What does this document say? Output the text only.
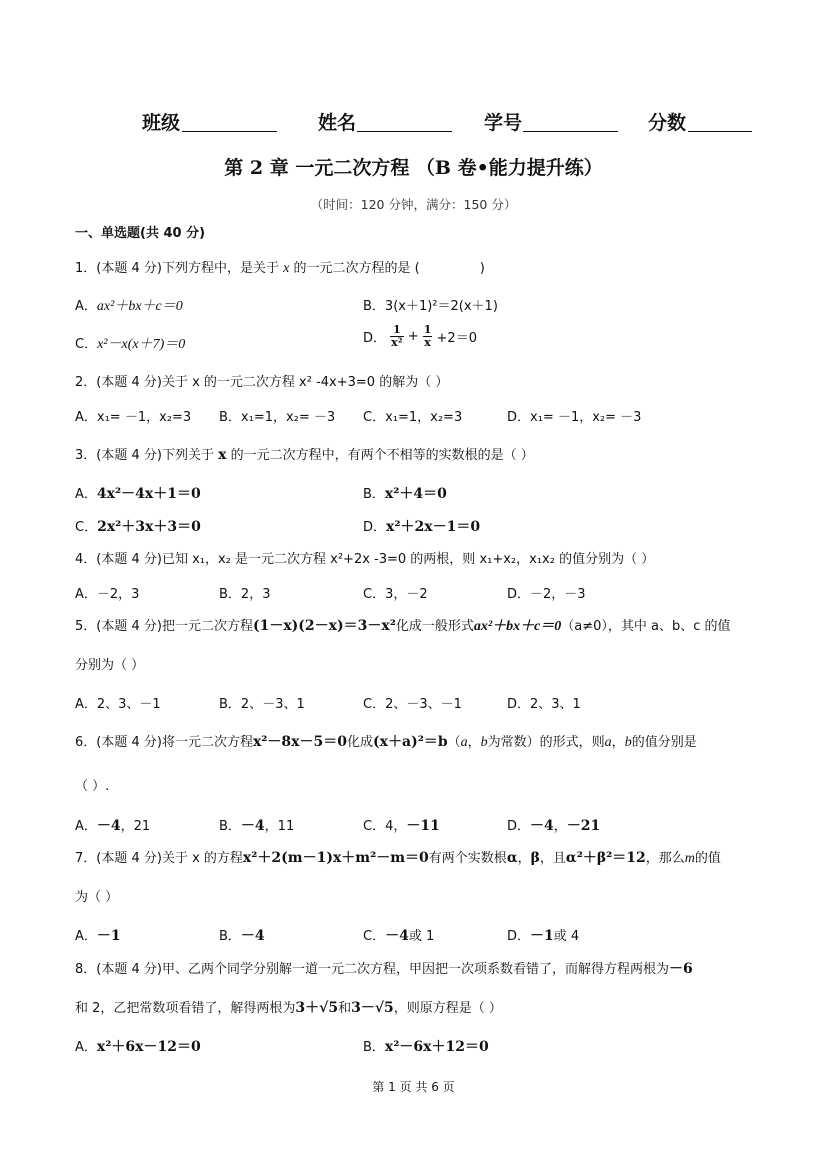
班级	姓名	学号	分数
第 2 章 一元二次方程 （B 卷•能力提升练）
（时间：120 分钟，满分：150 分）
一、单选题(共 40 分)
1．(本题 4 分)下列方程中，是关于 x 的一元二次方程的是 (	)
A．ax²＋bx＋c＝0	B．3(x＋1)²＝2(x＋1)
C．x²－x(x＋7)＝0	D． $\frac{1}{\text{x²}} + \frac{1}{x} +2=0$
2．(本题 4 分)关于 x 的一元二次方程 x² -4x+3=0 的解为（ ）
A．x₁= －1，x₂=3 B．x₁=1，x₂= －3 C．x₁=1，x₂=3	D．x₁= －1，x₂= －3
3．(本题 4 分)下列关于 x 的一元二次方程中，有两个不相等的实数根的是（ ）
A．4x²－4x＋1＝0	B．x²＋4＝0
C．2x²＋3x＋3＝0	D．x²＋2x－1＝0
4．(本题 4 分)已知 x₁，x₂ 是一元二次方程 x²+2x -3=0 的两根，则 x₁+x₂，x₁x₂ 的值分别为（ ）
A．－2，3	B．2，3	C．3，－2	D．－2，－3
5．(本题 4 分)把一元二次方程(1－x)(2－x)＝3－x²化成一般形式ax²＋bx＋c＝0（a≠0），其中 a、b、c 的值
分别为（ ）
A．2、3、－1	B．2、－3、1	C．2、－3、－1	D．2、3、1
6．(本题 4 分)将一元二次方程x²－8x－5＝0化成(x＋a)²＝b（a，b为常数）的形式，则a，b的值分别是
（ ）.
A．－4，21	B．－4，11	C．4，－11	D．－4，－21
7．(本题 4 分)关于 x 的方程x²＋2(m－1)x＋m²－m＝0有两个实数根α，β，且α²＋β²＝12，那么m的值
为（ ）
A．－1	B．－4	C．－4或 1	D．－1或 4
8．(本题 4 分)甲、乙两个同学分别解一道一元二次方程，甲因把一次项系数看错了，而解得方程两根为－6
和 2，乙把常数项看错了，解得两根为3＋√5和3－√5，则原方程是（ ）
A．x²＋6x－12＝0	B．x²－6x＋12＝0
第 1 页 共 6 页
